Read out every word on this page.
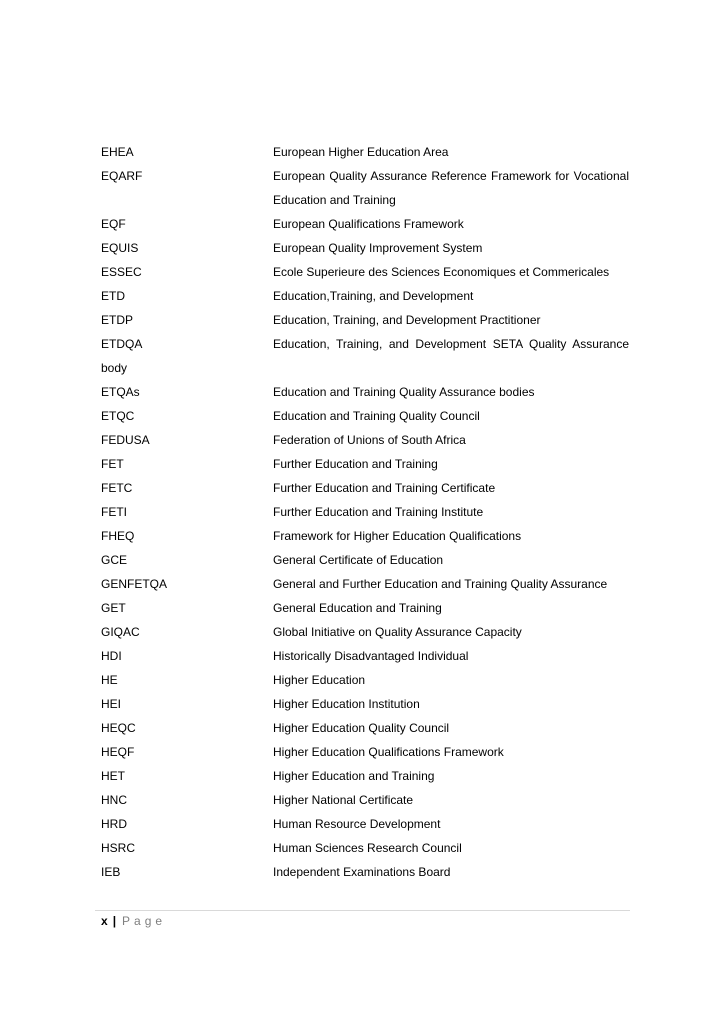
EHEA	European Higher Education Area
EQARF	European Quality Assurance Reference Framework for Vocational
Education and Training
EQF	European Qualifications Framework
EQUIS	European Quality Improvement System
ESSEC	Ecole Superieure des Sciences Economiques et Commericales
ETD	Education,Training, and Development
ETDP	Education, Training, and Development Practitioner
ETDQA	Education, Training, and Development SETA Quality Assurance
body
ETQAs	Education and Training Quality Assurance bodies
ETQC	Education and Training Quality Council
FEDUSA	Federation of Unions of South Africa
FET	Further Education and Training
FETC	Further Education and Training Certificate
FETI	Further Education and Training Institute
FHEQ	Framework for Higher Education Qualifications
GCE	General Certificate of Education
GENFETQA	General and Further Education and Training Quality Assurance
GET	General Education and Training
GIQAC	Global Initiative on Quality Assurance Capacity
HDI	Historically Disadvantaged Individual
HE	Higher Education
HEI	Higher Education Institution
HEQC	Higher Education Quality Council
HEQF	Higher Education Qualifications Framework
HET	Higher Education and Training
HNC	Higher National Certificate
HRD	Human Resource Development
HSRC	Human Sciences Research Council
IEB	Independent Examinations Board
x | Page
